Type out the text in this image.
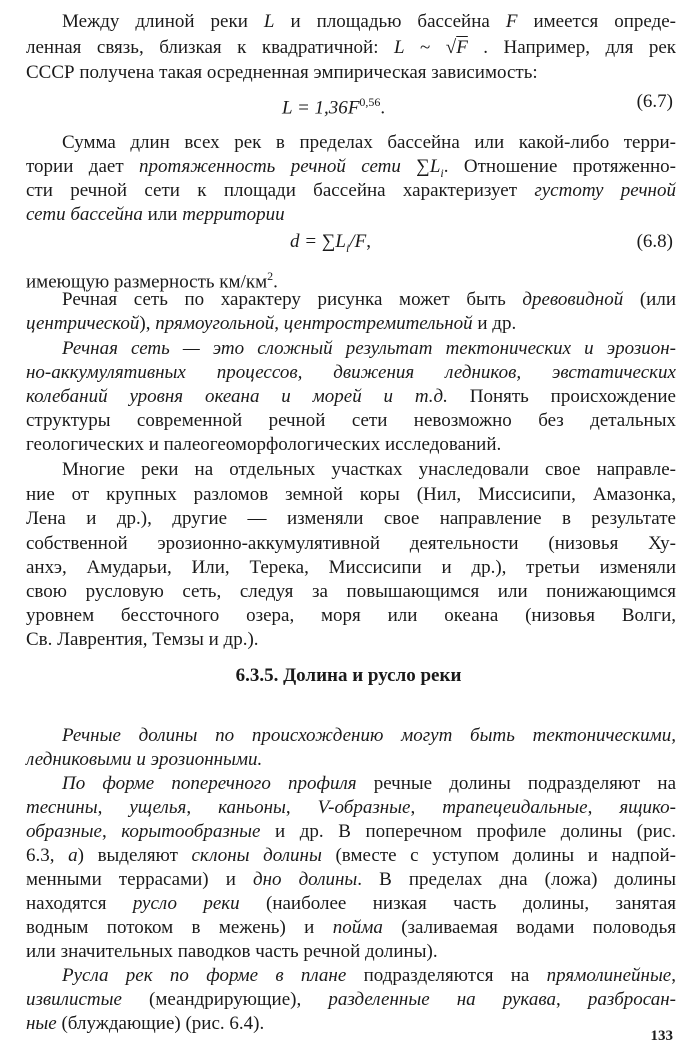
Между длиной реки L и площадью бассейна F имеется опреде-
ленная связь, близкая к квадратичной: L ~ √F . Например, для рек
СССР получена такая осредненная эмпирическая зависимость:
$L = 1,36F^{0,56}$.	(6.7)
Сумма длин всех рек в пределах бассейна или какой-либо терри-
тории дает протяженность речной сети $\sum L_i$. Отношение протяженно-
сти речной сети к площади бассейна характеризует густоту речной
сети бассейна или территории
$d = \sum L_i/F$,	(6.8)
имеющую размерность $км/км^2$.
Речная сеть по характеру рисунка может быть древовидной (или
центрической), прямоугольной, центростремительной и др.
Речная сеть — это сложный результат тектонических и эрозион-
но-аккумулятивных процессов, движения ледников, эвстатических
колебаний уровня океана и морей и т.д. Понять происхождение
структуры современной речной сети невозможно без детальных
геологических и палеогеоморфологических исследований.
Многие реки на отдельных участках унаследовали свое направле-
ние от крупных разломов земной коры (Нил, Миссисипи, Амазонка,
Лена и др.), другие — изменяли свое направление в результате
собственной эрозионно-аккумулятивной деятельности (низовья Ху-
анхэ, Амударьи, Или, Терека, Миссисипи и др.), третьи изменяли
свою русловую сеть, следуя за повышающимся или понижающимся
уровнем бессточного озера, моря или океана (низовья Волги,
Св. Лаврентия, Темзы и др.).
6.3.5. Долина и русло реки
Речные долины по происхождению могут быть тектоническими,
ледниковыми и эрозионными.
По форме поперечного профиля речные долины подразделяют на
теснины, ущелья, каньоны, V-образные, трапецеидальные, ящико-
образные, корытообразные и др. В поперечном профиле долины (рис.
6.3, а) выделяют склоны долины (вместе с уступом долины и надпой-
менными террасами) и дно долины. В пределах дна (ложа) долины
находятся русло реки (наиболее низкая часть долины, занятая
водным потоком в межень) и пойма (заливаемая водами половодья
или значительных паводков часть речной долины).
Русла рек по форме в плане подразделяются на прямолинейные,
извилистые (меандрирующие), разделенные на рукава, разбросан-
ные (блуждающие) (рис. 6.4).
133
